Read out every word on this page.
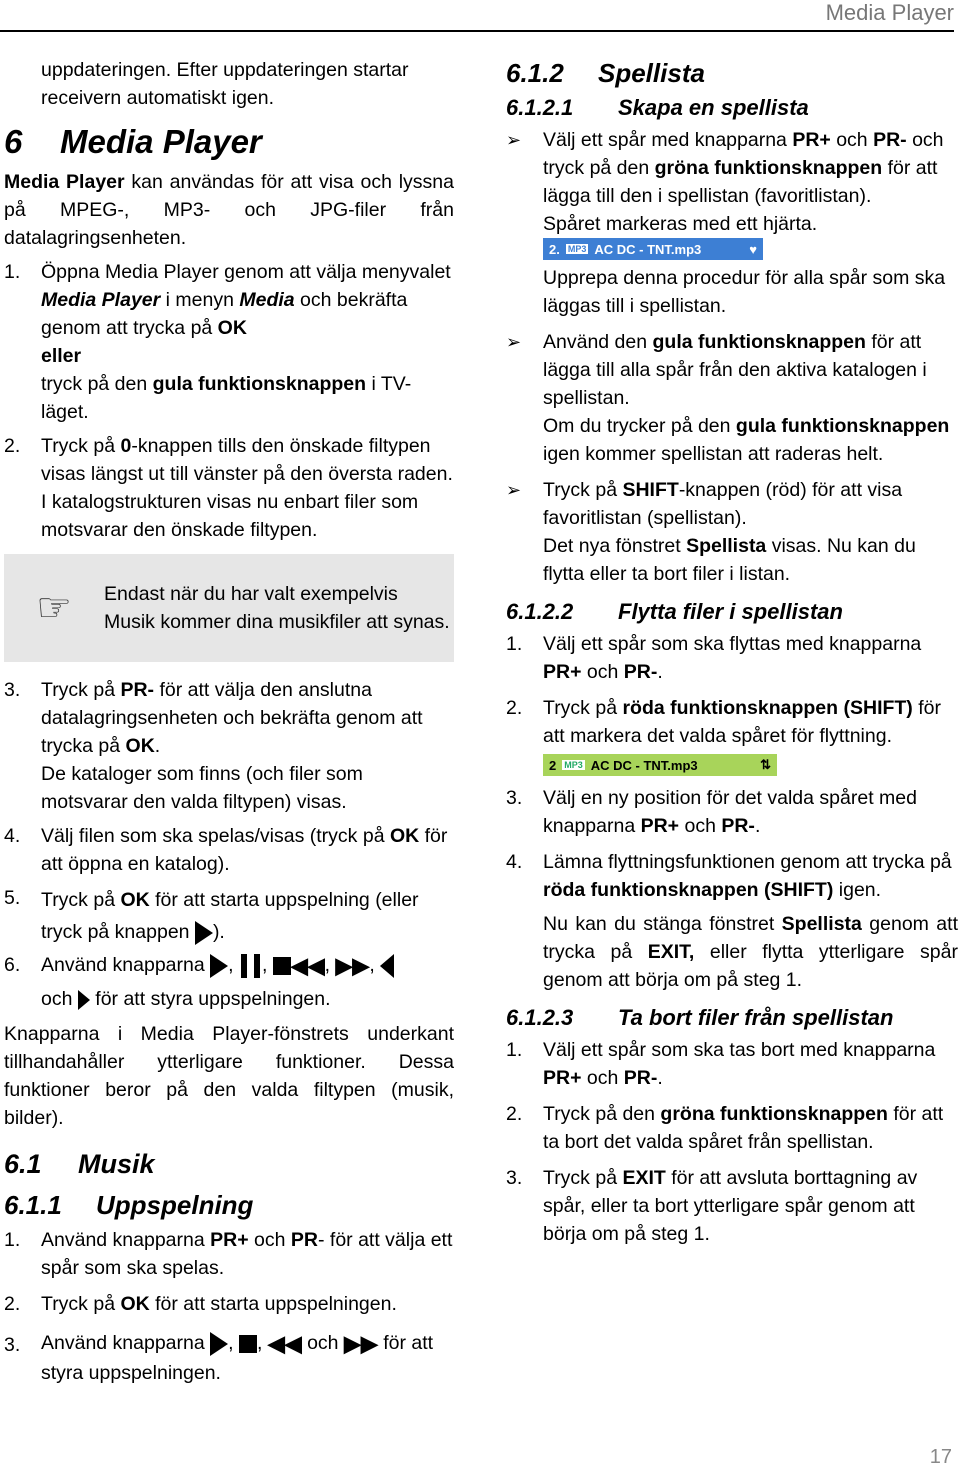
Media Player

uppdateringen. Efter uppdateringen startar receivern automatiskt igen.

6 Media Player

Media Player kan användas för att visa och lyssna på MPEG-, MP3- och JPG-filer från datalagringsenheten.

1.	Öppna Media Player genom att välja menyvalet Media Player i menyn Media och bekräfta genom att trycka på OK

eller

tryck på den gula funktionsknappen i TV-läget.

2.	Tryck på 0-knappen tills den önskade filtypen visas längst ut till vänster på den översta raden.

I katalogstrukturen visas nu enbart filer som motsvarar den önskade filtypen.

☞	Endast när du har valt exempelvis Musik kommer dina musikfiler att synas.

3.	Tryck på PR- för att välja den anslutna datalagringsenheten och bekräfta genom att trycka på OK.

De kataloger som finns (och filer som motsvarar den valda filtypen) visas.

4.	Välj filen som ska spelas/visas (tryck på OK för att öppna en katalog).

5.	Tryck på OK för att starta uppspelning (eller tryck på knappen ).

6.	Använd knapparna , , ◀◀, ▶▶,
och  för att styra uppspelningen.

Knapparna i Media Player-fönstrets underkant tillhandahåller ytterligare funktioner. Dessa funktioner beror på den valda filtypen (musik, bilder).

6.1 Musik
6.1.1 Uppspelning
1.	Använd knapparna PR+ och PR- för att välja ett spår som ska spelas.

2.	Tryck på OK för att starta uppspelningen.

3.	Använd knapparna , , ◀◀ och ▶▶ för att styra uppspelningen.

6.1.2 Spellista
6.1.2.1 Skapa en spellista
➢	Välj ett spår med knapparna PR+ och PR- och tryck på den gröna funktionsknappen för att lägga till den i spellistan (favoritlistan).

Spåret markeras med ett hjärta.

2. MP3 AC DC - TNT.mp3	♥

Upprepa denna procedur för alla spår som ska läggas till i spellistan.

➢	Använd den gula funktionsknappen för att lägga till alla spår från den aktiva katalogen i spellistan.

Om du trycker på den gula funktionsknappen igen kommer spellistan att raderas helt.

➢	Tryck på SHIFT-knappen (röd) för att visa favoritlistan (spellistan).

Det nya fönstret Spellista visas. Nu kan du flytta eller ta bort filer i listan.

6.1.2.2 Flytta filer i spellistan
1.	Välj ett spår som ska flyttas med knapparna PR+ och PR-.

2.	Tryck på röda funktionsknappen (SHIFT) för att markera det valda spåret för flyttning.

2 MP3 AC DC - TNT.mp3	⇅
3.	Välj en ny position för det valda spåret med knapparna PR+ och PR-.

4.	Lämna flyttningsfunktionen genom att trycka på röda funktionsknappen (SHIFT) igen.

Nu kan du stänga fönstret Spellista genom att trycka på EXIT, eller flytta ytterligare spår genom att börja om på steg 1.

6.1.2.3 Ta bort filer från spellistan
1.	Välj ett spår som ska tas bort med knapparna PR+ och PR-.

2.	Tryck på den gröna funktionsknappen för att ta bort det valda spåret från spellistan.

3.	Tryck på EXIT för att avsluta borttagning av spår, eller ta bort ytterligare spår genom att börja om på steg 1.

17
